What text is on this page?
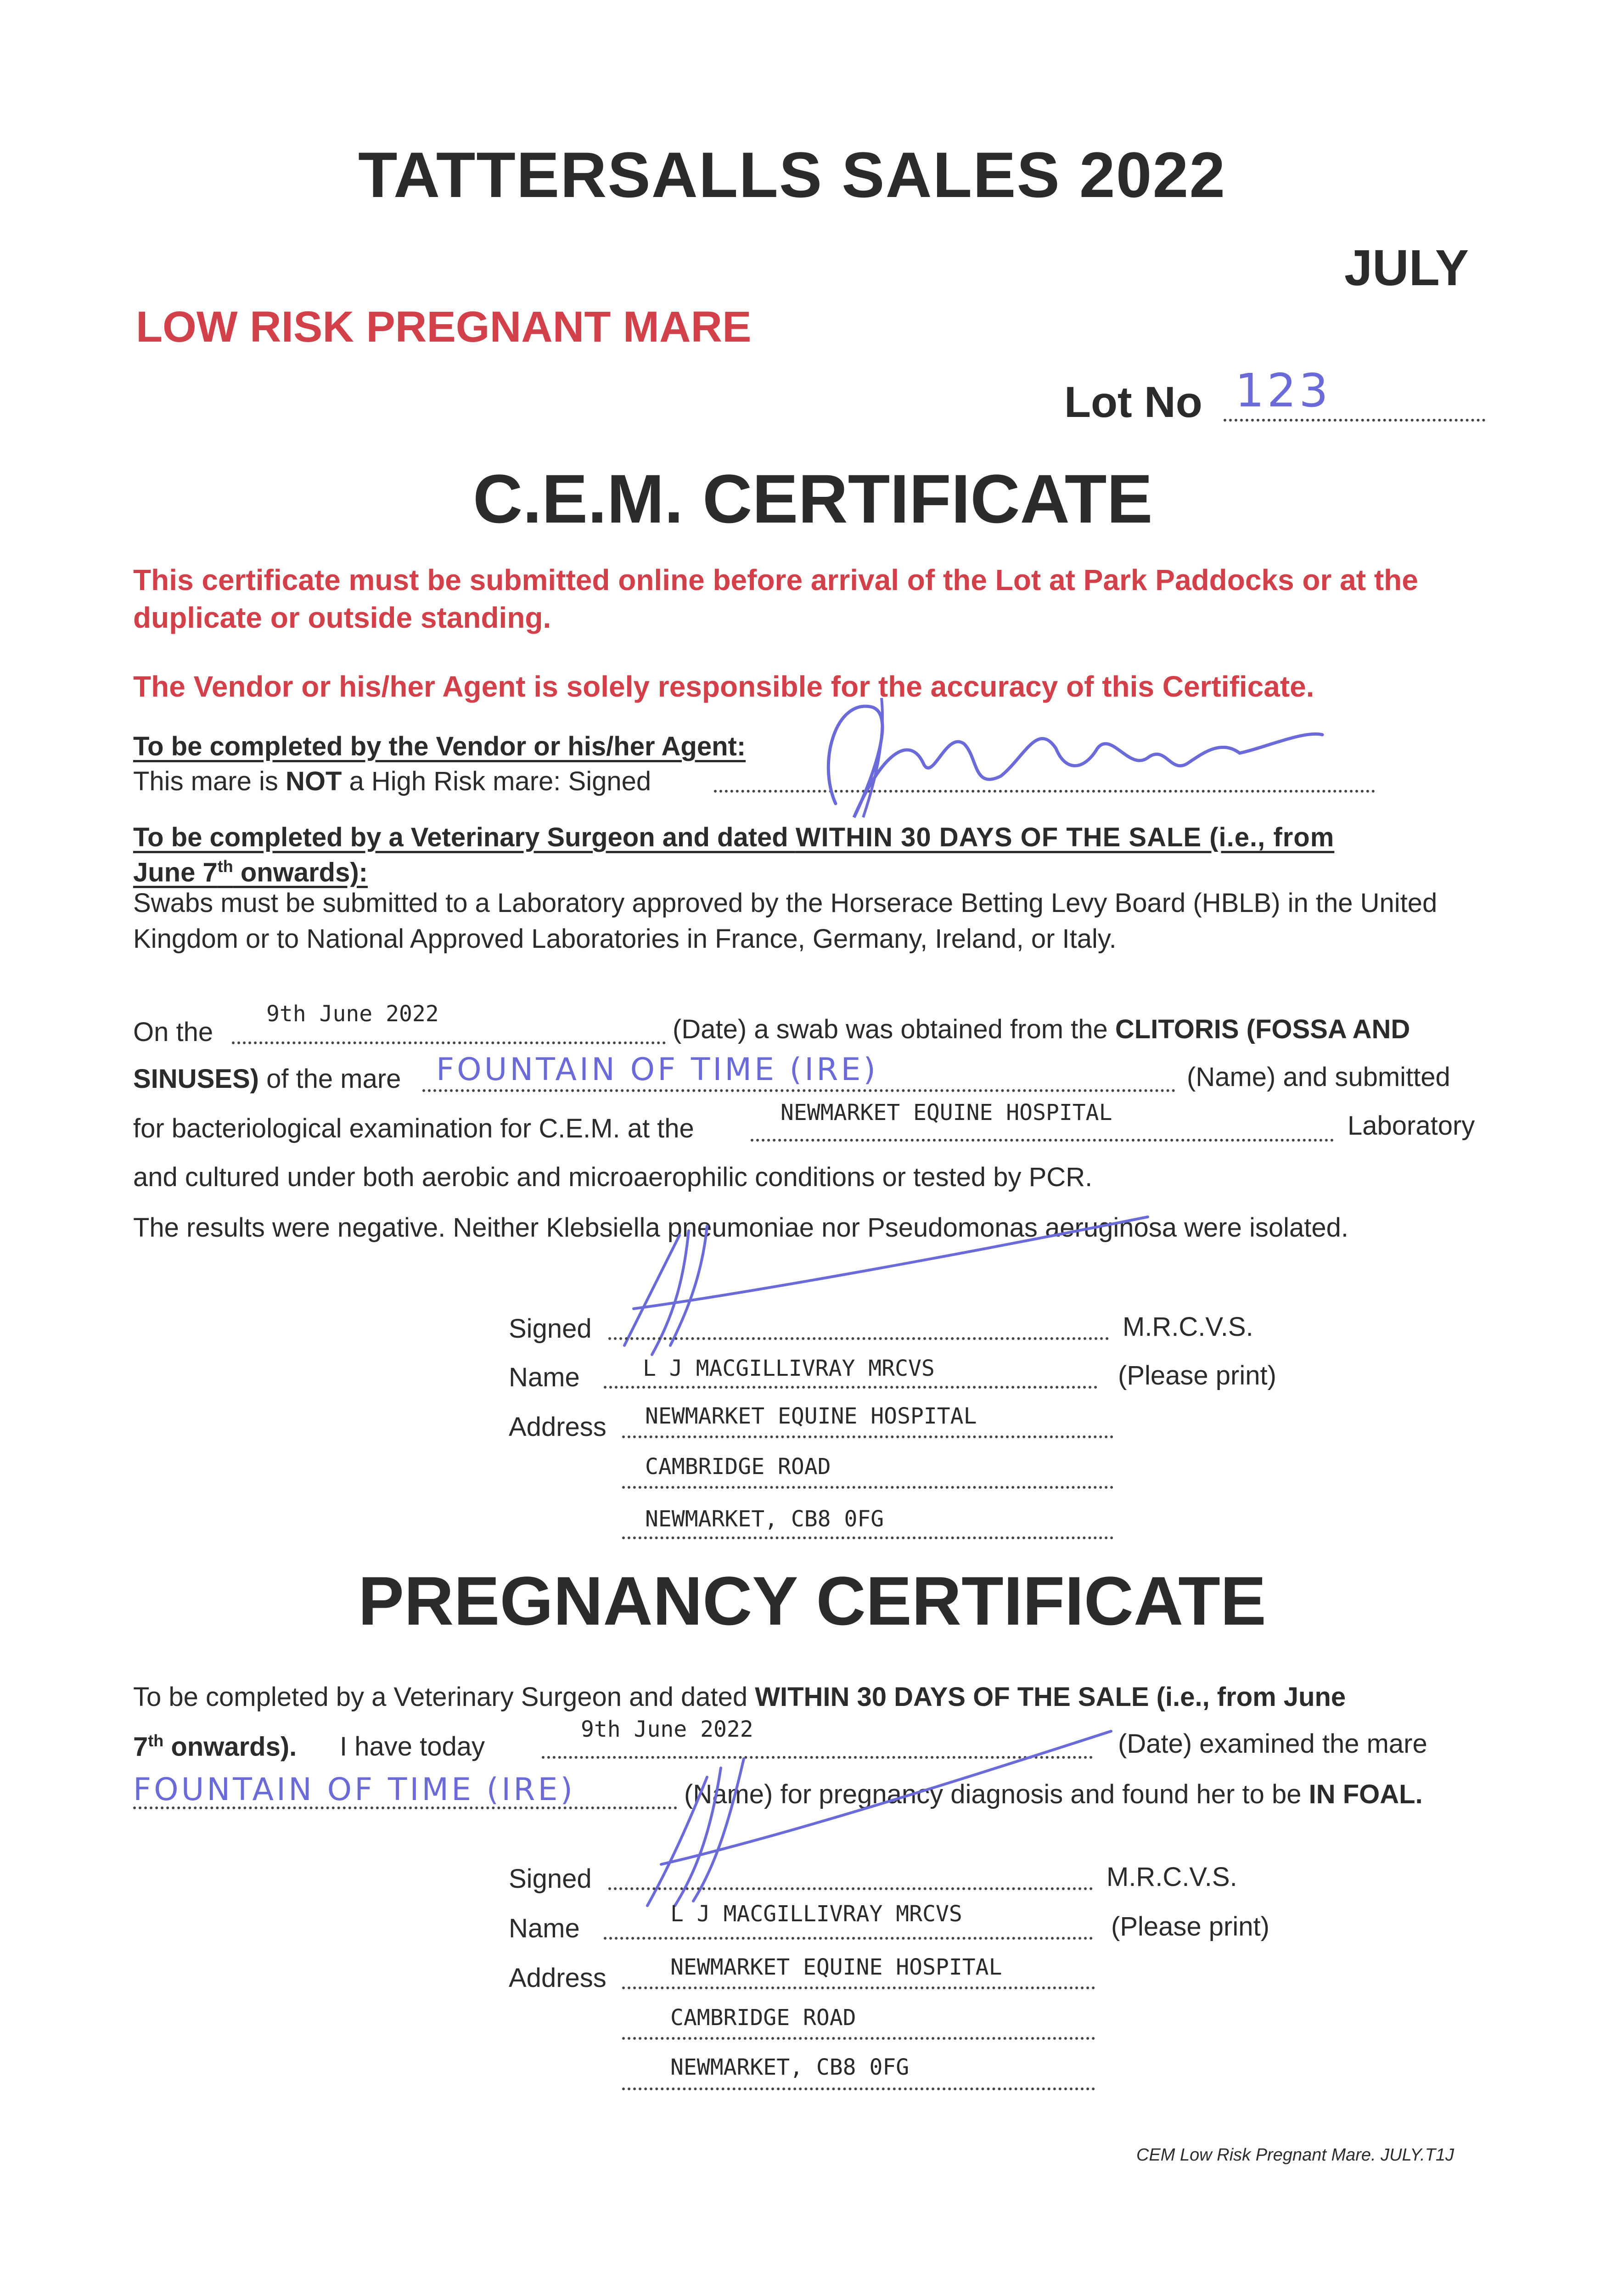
TATTERSALLS SALES 2022
JULY
LOW RISK PREGNANT MARE
Lot No 123
C.E.M. CERTIFICATE
This certificate must be submitted online before arrival of the Lot at Park Paddocks or at the duplicate or outside standing.
The Vendor or his/her Agent is solely responsible for the accuracy of this Certificate.
To be completed by the Vendor or his/her Agent:
This mare is NOT a High Risk mare: Signed
To be completed by a Veterinary Surgeon and dated WITHIN 30 DAYS OF THE SALE (i.e., from
June 7th onwards):
Swabs must be submitted to a Laboratory approved by the Horserace Betting Levy Board (HBLB) in the United Kingdom or to National Approved Laboratories in France, Germany, Ireland, or Italy.
On the
9th June 2022
(Date) a swab was obtained from the CLITORIS (FOSSA AND
SINUSES) of the mare FOUNTAIN OF TIME (IRE)	(Name) and submitted
for bacteriological examination for C.E.M. at the
NEWMARKET EQUINE HOSPITAL	Laboratory
and cultured under both aerobic and microaerophilic conditions or tested by PCR.
The results were negative. Neither Klebsiella pneumoniae nor Pseudomonas aeruginosa were isolated.
Signed	M.R.C.V.S.
Name	L J MACGILLIVRAY MRCVS	(Please print)
Address NEWMARKET EQUINE HOSPITAL
CAMBRIDGE ROAD
NEWMARKET, CB8 0FG
PREGNANCY CERTIFICATE
To be completed by a Veterinary Surgeon and dated WITHIN 30 DAYS OF THE SALE (i.e., from June
7th onwards). I have today
9th June 2022	(Date) examined the mare
FOUNTAIN OF TIME (IRE)	(Name) for pregnancy diagnosis and found her to be IN FOAL.
Signed	M.R.C.V.S.
Name	L J MACGILLIVRAY MRCVS	(Please print)
Address	NEWMARKET EQUINE HOSPITAL
CAMBRIDGE ROAD
NEWMARKET, CB8 0FG
CEM Low Risk Pregnant Mare. JULY.T1J
